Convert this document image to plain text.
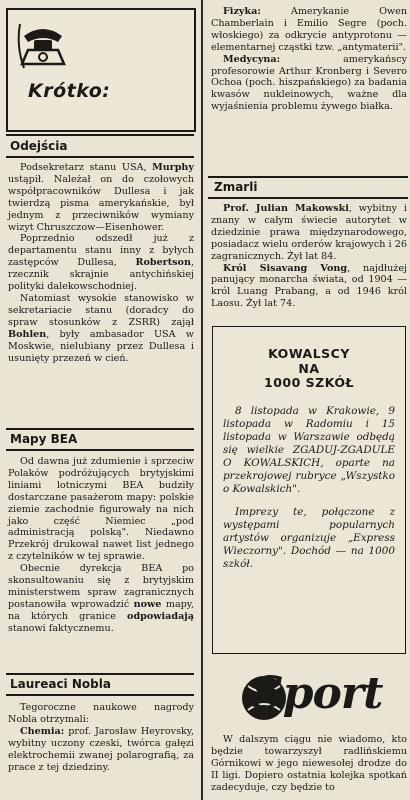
Krótko:
Odejścia

Podsekretarz stanu USA, Murphy ustąpił. Należał on do czołowych współpracowników Dullesa i jak twierdzą pisma amerykańskie, był jednym z przeciwników wymiany wizyt Chruszczow—Eisenhower.

Poprzednio odszedł już z departamentu stanu inny z byłych zastępców Dullesa, Robertson, rzecznik skrajnie antychińskiej polityki dalekowschodniej.

Natomiast wysokie stanowisko w sekretariacie stanu (doradcy do spraw stosunków z ZSRR) zajął Bohlen, były ambasador USA w Moskwie, nielubiany przez Dullesa i usunięty przezeń w cień.

Mapy BEA

Od dawna już zdumienie i sprzeciw Polaków podróżujących brytyjskimi liniami lotniczymi BEA budziły dostarczane pasażerom mapy: polskie ziemie zachodnie figurowały na nich jako część Niemiec „pod administracją polską". Niedawno Przekrój drukował nawet list jednego z czytelników w tej sprawie.

Obecnie dyrekcja BEA po skonsultowaniu się z brytyjskim ministerstwem spraw zagranicznych postanowiła wprowadzić nowe mapy, na których granice odpowiadają stanowi faktycznemu.

Laureaci Nobla

Tegoroczne naukowe nagrody Nobla otrzymali:

Chemia: prof. Jarosław Heyrovsky, wybitny uczony czeski, twórca gałęzi elektrochemii zwanej polarografią, za prace z tej dziedziny.

Fizyka: Amerykanie Owen Chamberlain i Emilio Segre (poch. włoskiego) za odkrycie antyprotonu — elementarnej cząstki tzw. „antymaterii".

Medycyna: amerykańscy profesorowie Arthur Kronberg i Severo Ochoa (poch. hiszpańskiego) za badania kwasów nukleinowych, ważne dla wyjaśnienia problemu żywego białka.

Zmarli

Prof. Julian Makowski, wybitny i znany w całym świecie autorytet w dziedzinie prawa międzynarodowego, posiadacz wielu orderów krajowych i 26 zagranicznych. Żył lat 84.

Król Sisavang Vong, najdłużej panujący monarcha świata, od 1904 — król Luang Prabang, a od 1946 król Laosu. Żył lat 74.

KOWALSCY
NA
1000 SZKÓŁ

8 listopada w Krakowie, 9 listopada w Radomiu i 15 listopada w Warszawie odbędą się wielkie ZGADUJ-ZGADULE O KOWALSKICH, oparte na przekrojowej rubryce „Wszystko o Kowalskich".

Imprezy te, połączone z występami popularnych artystów organizuje „Express Wieczorny". Dochód — na 1000 szkół.

Sport

W dalszym ciągu nie wiadomo, kto będzie towarzyszył radlińskiemu Górnikowi w jego niewesołej drodze do II ligi. Dopiero ostatnia kolejka spotkań zadecyduje, czy będzie to
